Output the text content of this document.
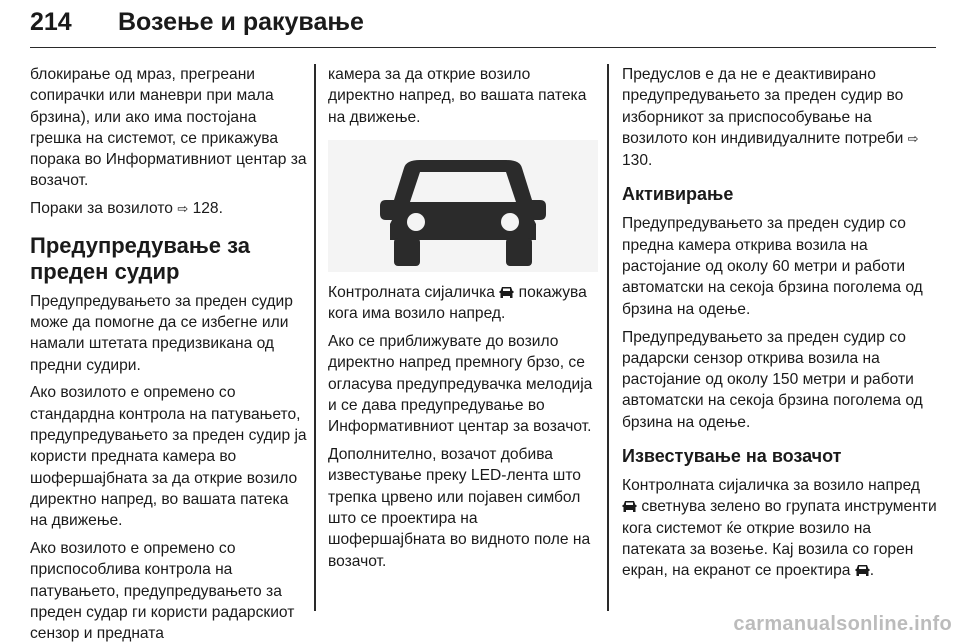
214 Возење и ракување

блокирање од мраз, прегреани сопирачки или маневри при мала брзина), или ако има постојана грешка на системот, се прикажува порака во Информативниот центар за возачот.

Пораки за возилото ⇨ 128.

Предупредување за преден судир

Предупредувањето за преден судир може да помогне да се избегне или намали штетата предизвикана од предни судири.

Ако возилото е опремено со стандардна контрола на патувањето, предупредувањето за преден судир ја користи предната камера во шофершајбната за да открие возило директно напред, во вашата патека на движење.

Ако возилото е опремено со приспособлива контрола на патувањето, предупредувањето за преден судар ги користи радарскиот сензор и предната

камера за да открие возило директно напред, во вашата патека на движење.

Контролната сијаличка покажува кога има возило напред.

Ако се приближувате до возило директно напред премногу брзо, се огласува предупредувачка мелодија и се дава предупредување во Информативниот центар за возачот.

Дополнително, возачот добива известување преку LED-лента што трепка црвено или појавен симбол што се проектира на шофершајбната во видното поле на возачот.

Предуслов е да не е деактивирано предупредувањето за преден судир во изборникот за приспособување на возилото кон индивидуалните потреби ⇨ 130.

Активирање

Предупредувањето за преден судир со предна камера открива возила на растојание од околу 60 метри и работи автоматски на секоја брзина поголема од брзина на одење.

Предупредувањето за преден судир со радарски сензор открива возила на растојание од околу 150 метри и работи автоматски на секоја брзина поголема од брзина на одење.

Известување на возачот

Контролната сијаличка за возило напред  светнува зелено во групата инструменти кога системот ќе открие возило на патеката за возење. Кај возила со горен екран, на екранот се проектира .

carmanualsonline.info
